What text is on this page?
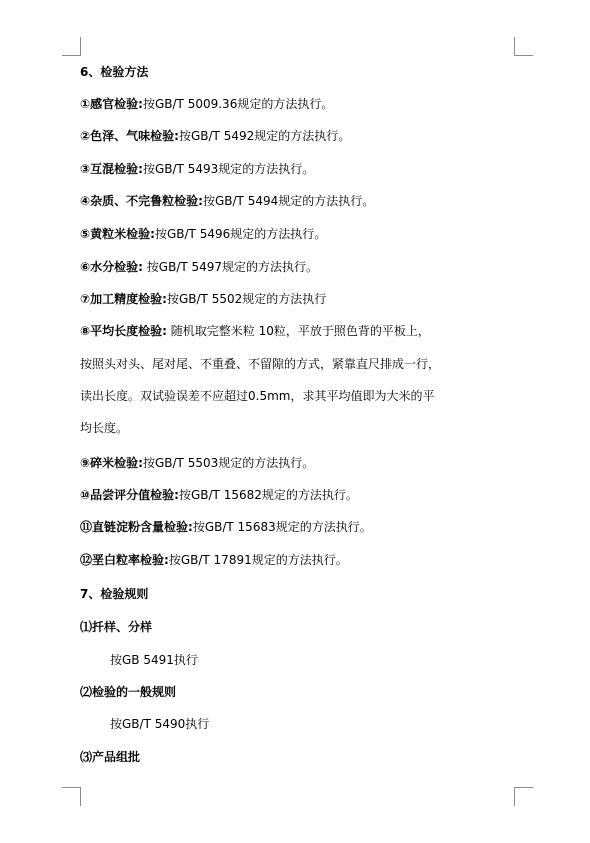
6、检验方法
①感官检验:按GB/T 5009.36规定的方法执行。
②色泽、气味检验:按GB/T 5492规定的方法执行。
③互混检验:按GB/T 5493规定的方法执行。
④杂质、不完鲁粒检验:按GB/T 5494规定的方法执行。
⑤黄粒米检验:按GB/T 5496规定的方法执行。
⑥水分检验: 按GB/T 5497规定的方法执行。
⑦加工精度检验:按GB/T 5502规定的方法执行
⑧平均长度检验: 随机取完整米粒 10粒，平放于照色背的平板上，
按照头对头、尾对尾、不重叠、不留隙的方式，紧靠直尺排成一行，
读出长度。双试验误差不应超过0.5mm，求其平均值即为大米的平
均长度。
⑨碎米检验:按GB/T 5503规定的方法执行。
⑩品尝评分值检验:按GB/T 15682规定的方法执行。
⑪直链淀粉含量检验:按GB/T 15683规定的方法执行。
⑫垩白粒率检验:按GB/T 17891规定的方法执行。
7、检验规则
⑴扦样、分样
按GB 5491执行
⑵检验的一般规则
按GB/T 5490执行
⑶产品组批
